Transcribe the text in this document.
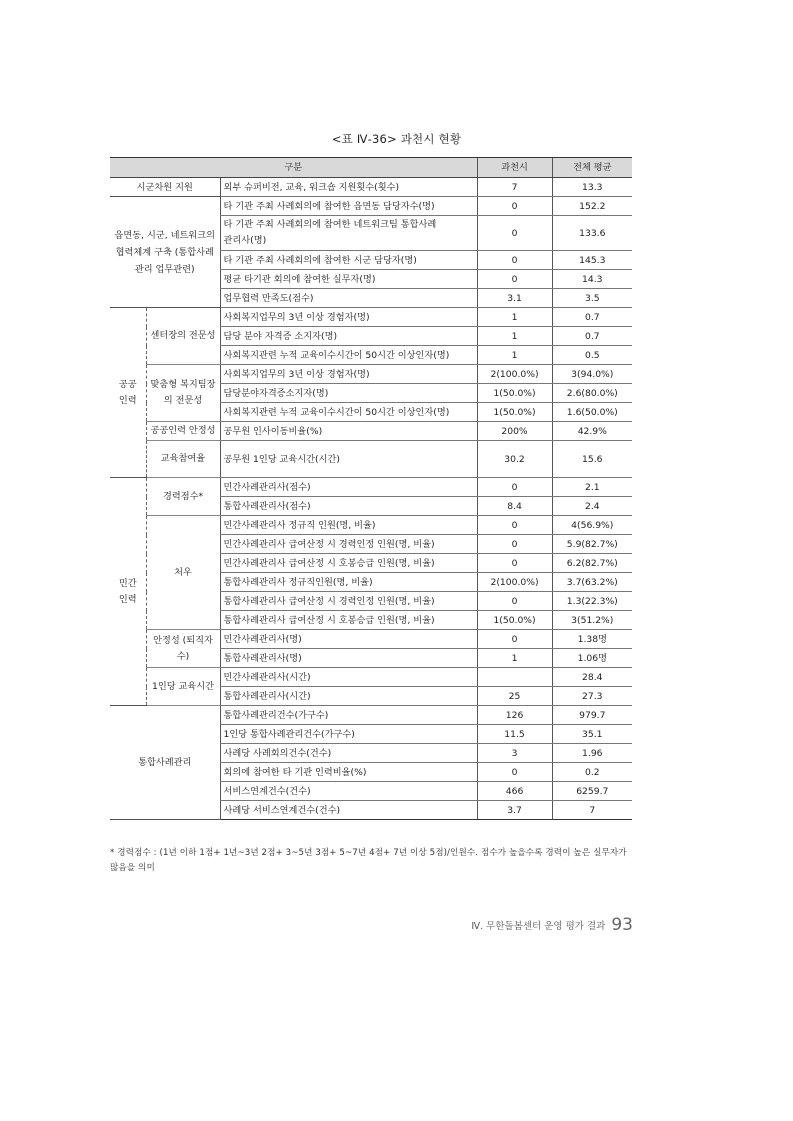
<표 Ⅳ-36> 과천시 현황
구분			과천시	전체 평균
시군차원 지원		외부 슈퍼비전, 교육, 워크숍 지원횟수(횟수)	7	13.3
읍면동, 시군, 네트워크의 협력체계 구축 (통합사례 관리 업무관련)		타 기관 주최 사례회의에 참여한 읍면동 담당자수(명)	0	152.2
		타 기관 주최 사례회의에 참여한 네트워크팀 통합사례관리사(명)	0	133.6
		타 기관 주최 사례회의에 참여한 시군 담당자(명)	0	145.3
		평균 타기관 회의에 참여한 실무자(명)	0	14.3
		업무협력 만족도(점수)	3.1	3.5
공공 인력	센터장의 전문성	사회복지업무의 3년 이상 경험자(명)	1	0.7
		담당 분야 자격증 소지자(명)	1	0.7
		사회복지관련 누적 교육이수시간이 50시간 이상인자(명)	1	0.5
	맞춤형 복지팀장의 전문성	사회복지업무의 3년 이상 경험자(명)	2(100.0%)	3(94.0%)
		담당분야자격증소지자(명)	1(50.0%)	2.6(80.0%)
		사회복지관련 누적 교육이수시간이 50시간 이상인자(명)	1(50.0%)	1.6(50.0%)
	공공인력 안정성	공무원 인사이동비율(%)	200%	42.9%
	교육참여율	공무원 1인당 교육시간(시간)	30.2	15.6
민간 인력	경력점수*	민간사례관리사(점수)	0	2.1
		통합사례관리사(점수)	8.4	2.4
	처우	민간사례관리사 정규직 인원(명, 비율)	0	4(56.9%)
		민간사례관리사 급여산정 시 경력인정 인원(명, 비율)	0	5.9(82.7%)
		민간사례관리사 급여산정 시 호봉승급 인원(명, 비율)	0	6.2(82.7%)
		통합사례관리사 정규직인원(명, 비율)	2(100.0%)	3.7(63.2%)
		통합사례관리사 급여산정 시 경력인정 인원(명, 비율)	0	1.3(22.3%)
		통합사례관리사 급여산정 시 호봉승급 인원(명, 비율)	1(50.0%)	3(51.2%)
	안정성 (퇴직자수)	민간사례관리사(명)	0	1.38명
		통합사례관리사(명)	1	1.06명
	1인당 교육시간	민간사례관리사(시간)		28.4
		통합사례관리사(시간)	25	27.3
통합사례관리		통합사례관리건수(가구수)	126	979.7
		1인당 통합사례관리건수(가구수)	11.5	35.1
		사례당 사례회의건수(건수)	3	1.96
		회의에 참여한 타 기관 인력비율(%)	0	0.2
		서비스연계건수(건수)	466	6259.7
		사례당 서비스연계건수(건수)	3.7	7
* 경력점수 : (1년 이하 1점+ 1년~3년 2점+ 3~5년 3점+ 5~7년 4점+ 7년 이상 5점)/인원수. 점수가 높을수록 경력이 높은 실무자가 많음을 의미
Ⅳ. 무한돌봄센터 운영 평가 결과 93
